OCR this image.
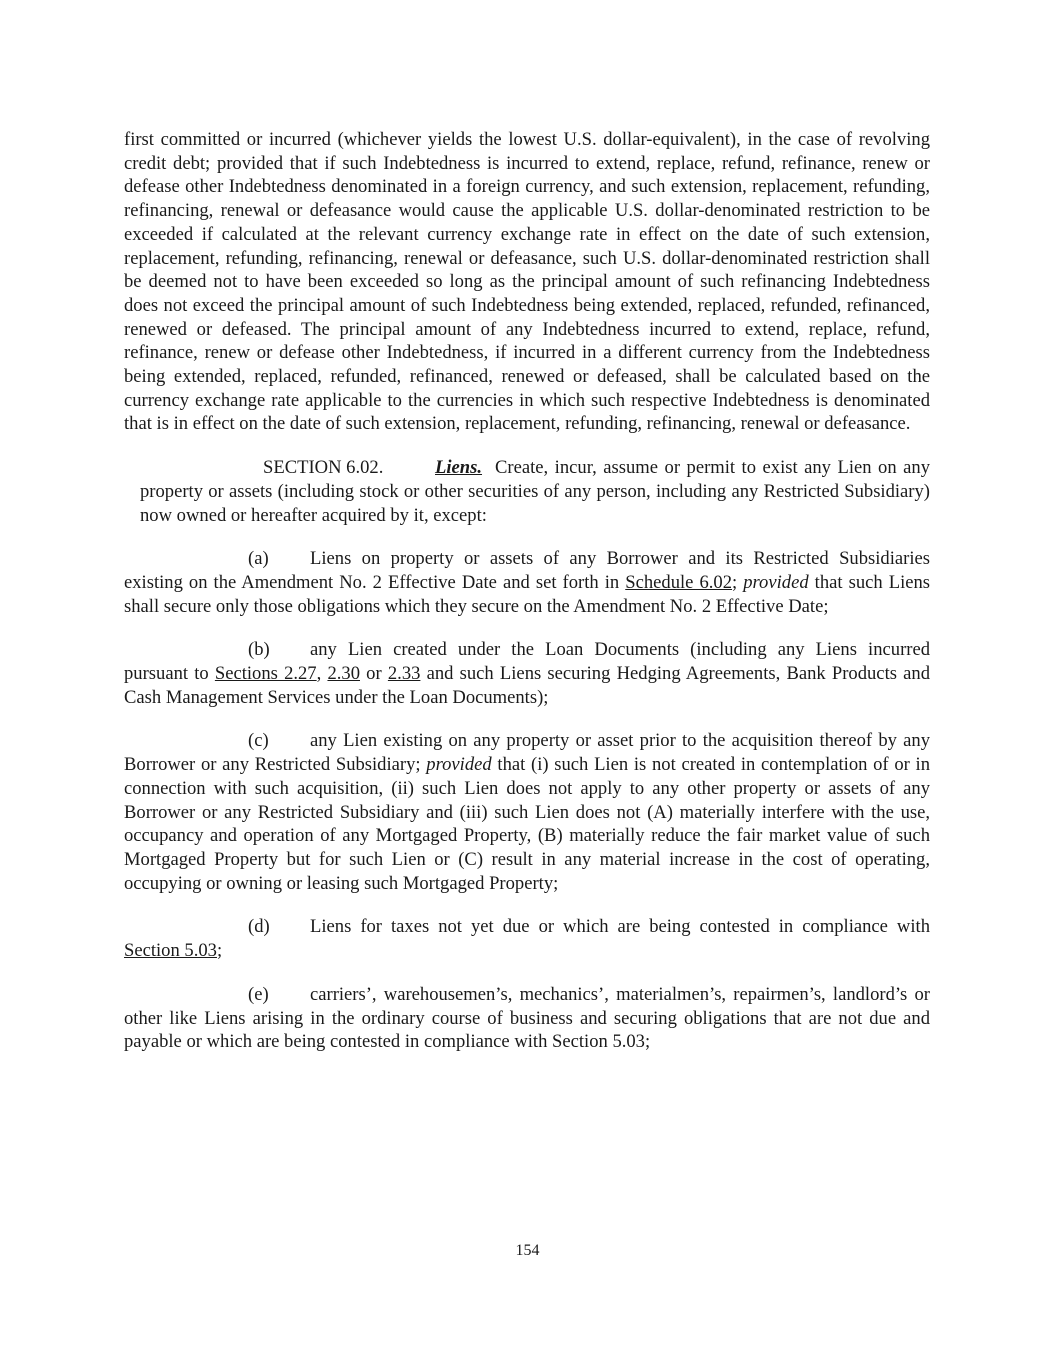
first committed or incurred (whichever yields the lowest U.S. dollar-equivalent), in the case of revolving credit debt; provided that if such Indebtedness is incurred to extend, replace, refund, refinance, renew or defease other Indebtedness denominated in a foreign currency, and such extension, replacement, refunding, refinancing, renewal or defeasance would cause the applicable U.S. dollar-denominated restriction to be exceeded if calculated at the relevant currency exchange rate in effect on the date of such extension, replacement, refunding, refinancing, renewal or defeasance, such U.S. dollar-denominated restriction shall be deemed not to have been exceeded so long as the principal amount of such refinancing Indebtedness does not exceed the principal amount of such Indebtedness being extended, replaced, refunded, refinanced, renewed or defeased. The principal amount of any Indebtedness incurred to extend, replace, refund, refinance, renew or defease other Indebtedness, if incurred in a different currency from the Indebtedness being extended, replaced, refunded, refinanced, renewed or defeased, shall be calculated based on the currency exchange rate applicable to the currencies in which such respective Indebtedness is denominated that is in effect on the date of such extension, replacement, refunding, refinancing, renewal or defeasance.

SECTION 6.02.	Liens. Create, incur, assume or permit to exist any Lien on any property or assets (including stock or other securities of any person, including any Restricted Subsidiary) now owned or hereafter acquired by it, except:

(a) Liens on property or assets of any Borrower and its Restricted Subsidiaries existing on the Amendment No. 2 Effective Date and set forth in Schedule 6.02; provided that such Liens shall secure only those obligations which they secure on the Amendment No. 2 Effective Date;

(b) any Lien created under the Loan Documents (including any Liens incurred pursuant to Sections 2.27, 2.30 or 2.33 and such Liens securing Hedging Agreements, Bank Products and Cash Management Services under the Loan Documents);

(c) any Lien existing on any property or asset prior to the acquisition thereof by any Borrower or any Restricted Subsidiary; provided that (i) such Lien is not created in contemplation of or in connection with such acquisition, (ii) such Lien does not apply to any other property or assets of any Borrower or any Restricted Subsidiary and (iii) such Lien does not (A) materially interfere with the use, occupancy and operation of any Mortgaged Property, (B) materially reduce the fair market value of such Mortgaged Property but for such Lien or (C) result in any material increase in the cost of operating, occupying or owning or leasing such Mortgaged Property;

(d) Liens for taxes not yet due or which are being contested in compliance with Section 5.03;

(e) carriers’, warehousemen’s, mechanics’, materialmen’s, repairmen’s, landlord’s or other like Liens arising in the ordinary course of business and securing obligations that are not due and payable or which are being contested in compliance with Section 5.03;

154
